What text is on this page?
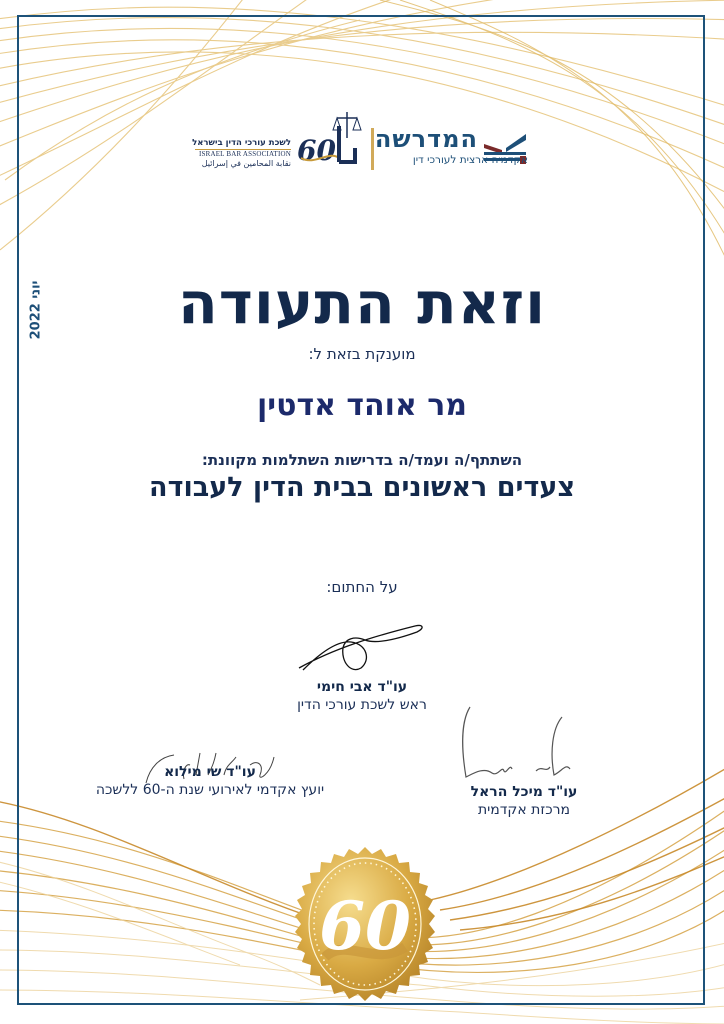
לשכת עורכי הדין בישראל
ISRAEL BAR ASSOCIATION
نقابة المحامين في إسرائيل 60 המדרשה
אקדמיה ארצית לעורכי דין
יוני 2022	וזאת התעודה
מוענקת בזאת ל:
מר אוהד אדטין
השתתף/ה ועמד/ה בדרישות השתלמות מקוונת:
צעדים ראשונים בבית הדין לעבודה
על החתום:
עו"ד אבי חימי
ראש לשכת עורכי הדין
עו"ד שי מילוא
יועץ אקדמי לאירועי שנת ה-60 ללשכה	עו"ד מיכל הראל
מרכזת אקדמית
60
